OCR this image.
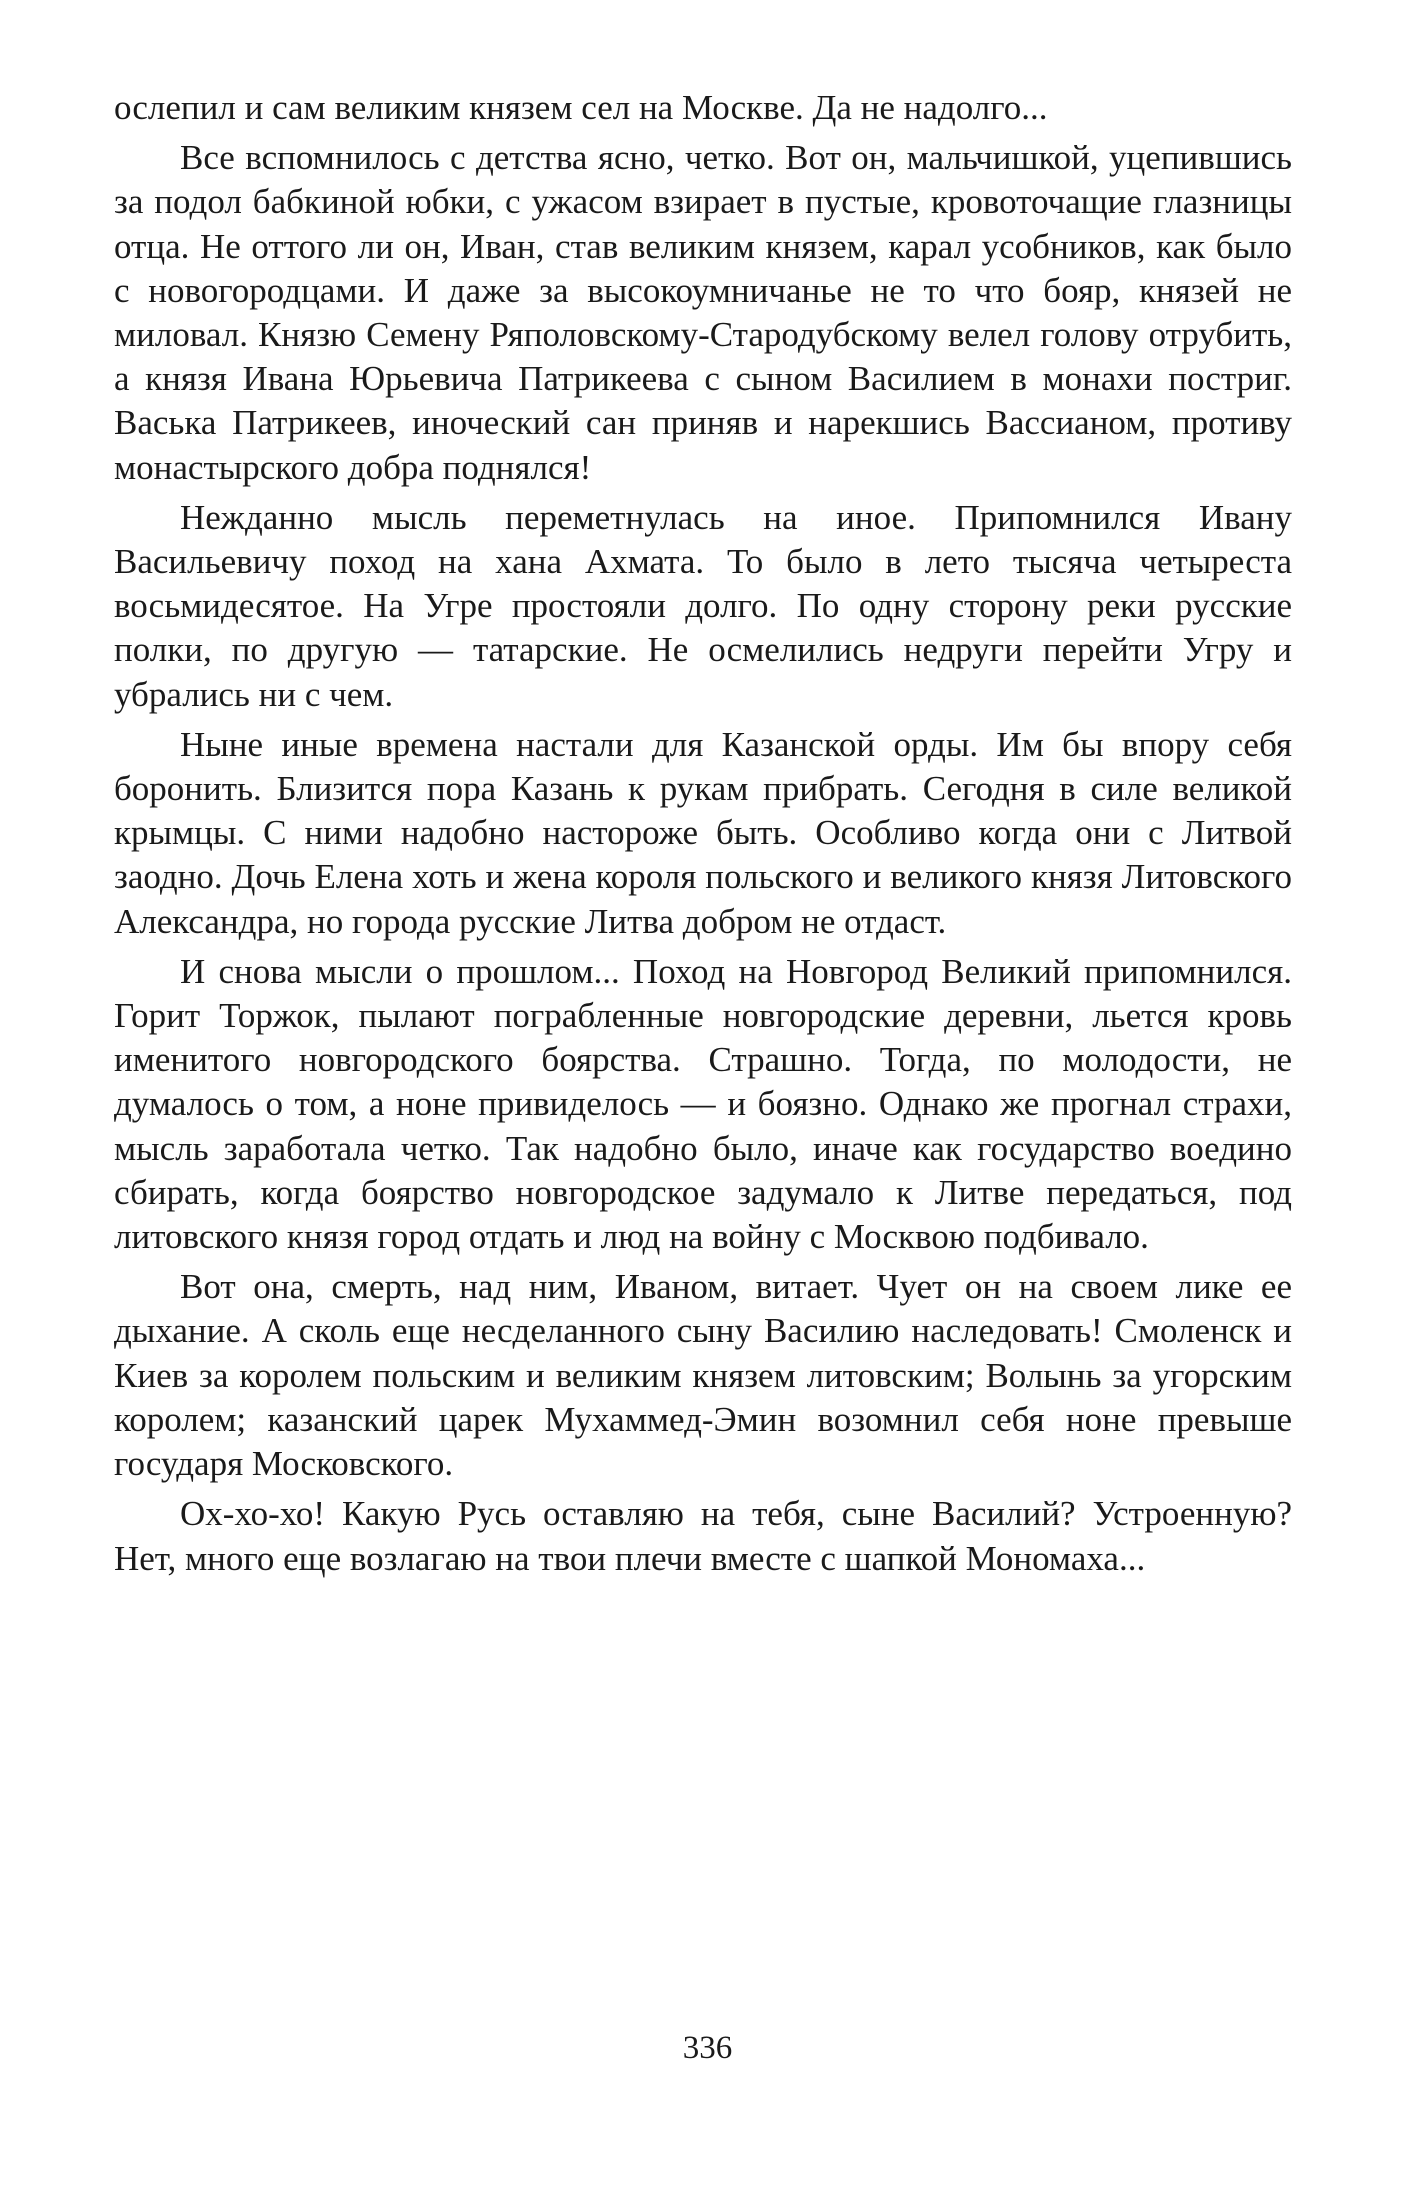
ослепил и сам великим князем сел на Москве. Да не надолго...

Все вспомнилось с детства ясно, четко. Вот он, мальчишкой, уцепившись за подол бабкиной юбки, с ужасом взирает в пустые, кровоточащие глазницы отца. Не оттого ли он, Иван, став великим князем, карал усобников, как было с новогородцами. И даже за высокоумничанье не то что бояр, князей не миловал. Князю Семену Ряполовскому-Стародубскому велел голову отрубить, а князя Ивана Юрьевича Патрикеева с сыном Василием в монахи постриг. Васька Патрикеев, иноческий сан приняв и нарекшись Вассианом, противу монастырского добра поднялся!

Нежданно мысль переметнулась на иное. Припомнился Ивану Васильевичу поход на хана Ахмата. То было в лето тысяча четыреста восьмидесятое. На Угре простояли долго. По одну сторону реки русские полки, по другую — татарские. Не осмелились недруги перейти Угру и убрались ни с чем.

Ныне иные времена настали для Казанской орды. Им бы впору себя боронить. Близится пора Казань к рукам прибрать. Сегодня в силе великой крымцы. С ними надобно настороже быть. Особливо когда они с Литвой заодно. Дочь Елена хоть и жена короля польского и великого князя Литовского Александра, но города русские Литва добром не отдаст.

И снова мысли о прошлом... Поход на Новгород Великий припомнился. Горит Торжок, пылают пограбленные новгородские деревни, льется кровь именитого новгородского боярства. Страшно. Тогда, по молодости, не думалось о том, а ноне привиделось — и боязно. Однако же прогнал страхи, мысль заработала четко. Так надобно было, иначе как государство воедино сбирать, когда боярство новгородское задумало к Литве передаться, под литовского князя город отдать и люд на войну с Москвою подбивало.

Вот она, смерть, над ним, Иваном, витает. Чует он на своем лике ее дыхание. А сколь еще несделанного сыну Василию наследовать! Смоленск и Киев за королем польским и великим князем литовским; Волынь за угорским королем; казанский царек Мухаммед-Эмин возомнил себя ноне превыше государя Московского.

Ох-хо-хо! Какую Русь оставляю на тебя, сыне Василий? Устроенную? Нет, много еще возлагаю на твои плечи вместе с шапкой Мономаха...

336
